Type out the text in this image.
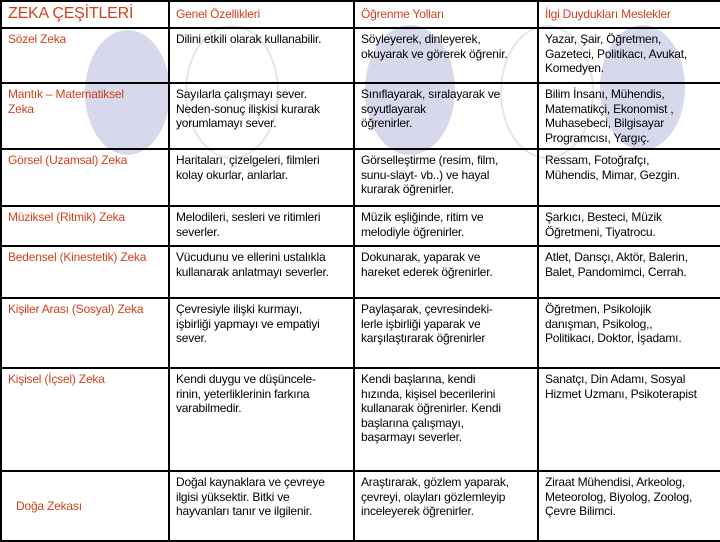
ZEKA ÇEŞİTLERİ	Genel Özellikleri	Öğrenme Yolları	İlgi Duydukları Meslekler
Sözel Zeka	Dilini etkili olarak kullanabilir.	Söyleyerek, dinleyerek,
okuyarak ve görerek öğrenir.	Yazar, Şair, Öğretmen,
Gazeteci, Politikacı, Avukat,
Komedyen.
Mantık – Matematiksel
Zeka	Sayılarla çalışmayı sever.
Neden-sonuç ilişkisi kurarak
yorumlamayı sever.	Sınıflayarak, sıralayarak ve
soyutlayarak
öğrenirler.	Bilim İnsanı, Mühendis,
Matematikçi, Ekonomist ,
Muhasebeci, Bilgisayar
Programcısı, Yargıç.
Görsel (Uzamsal) Zeka	Haritaları, çizelgeleri, filmleri
kolay okurlar, anlarlar.	Görselleştirme (resim, film,
sunu-slayt- vb..) ve hayal
kurarak öğrenirler.	Ressam, Fotoğrafçı,
Mühendis, Mimar, Gezgin.
Müziksel (Ritmik) Zeka	Melodileri, sesleri ve ritimleri
severler.	Müzik eşliğinde, ritim ve
melodiyle öğrenirler.	Şarkıcı, Besteci, Müzik
Öğretmeni, Tiyatrocu.
Bedensel (Kinestetik) Zeka	Vücudunu ve ellerini ustalıkla
kullanarak anlatmayı severler.	Dokunarak, yaparak ve
hareket ederek öğrenirler.	Atlet, Dansçı, Aktör, Balerin,
Balet, Pandomimci, Cerrah.
Kişiler Arası (Sosyal) Zeka	Çevresiyle ilişki kurmayı,
işbirliği yapmayı ve empatiyi
sever.	Paylaşarak, çevresindeki-
lerle işbirliği yaparak ve
karşılaştırarak öğrenirler	Öğretmen, Psikolojik
danışman, Psikolog,,
Politikacı, Doktor, İşadamı.
Kişisel (İçsel) Zeka	Kendi duygu ve düşüncele-
rinin, yeterliklerinin farkına
varabilmedir.	Kendi başlarına, kendi
hızında, kişisel becerilerini
kullanarak öğrenirler. Kendi
başlarına çalışmayı,
başarmayı severler.	Sanatçı, Din Adamı, Sosyal
Hizmet Uzmanı, Psikoterapist
Doğa Zekası	Doğal kaynaklara ve çevreye
ilgisi yüksektir. Bitki ve
hayvanları tanır ve ilgilenir.	Araştırarak, gözlem yaparak,
çevreyi, olayları gözlemleyip
inceleyerek öğrenirler.	Ziraat Mühendisi, Arkeolog,
Meteorolog, Biyolog, Zoolog,
Çevre Bilimci.
